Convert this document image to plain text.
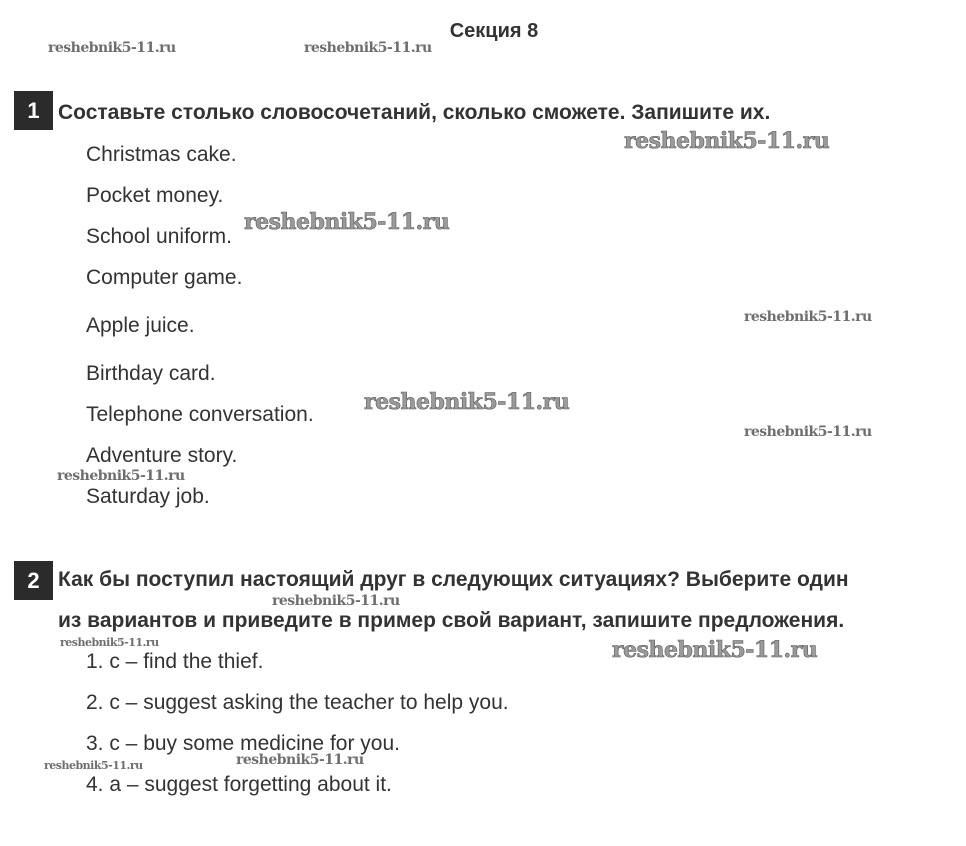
Секция 8
1 Составьте столько словосочетаний, сколько сможете. Запишите их.
Christmas cake.
Pocket money.
School uniform.
Computer game.
Apple juice.
Birthday card.
Telephone conversation.
Adventure story.
Saturday job.
2 Как бы поступил настоящий друг в следующих ситуациях? Выберите один
из вариантов и приведите в пример свой вариант, запишите предложения.
1. c – find the thief.
2. c – suggest asking the teacher to help you.
3. c – buy some medicine for you.
4. a – suggest forgetting about it.
reshebnik5-11.ru	reshebnik5-11.ru
reshebnik5-11.ru
reshebnik5-11.ru
reshebnik5-11.ru
reshebnik5-11.ru
reshebnik5-11.ru
reshebnik5-11.ru
reshebnik5-11.ru
reshebnik5-11.ru	reshebnik5-11.ru
reshebnik5-11.ru	reshebnik5-11.ru
